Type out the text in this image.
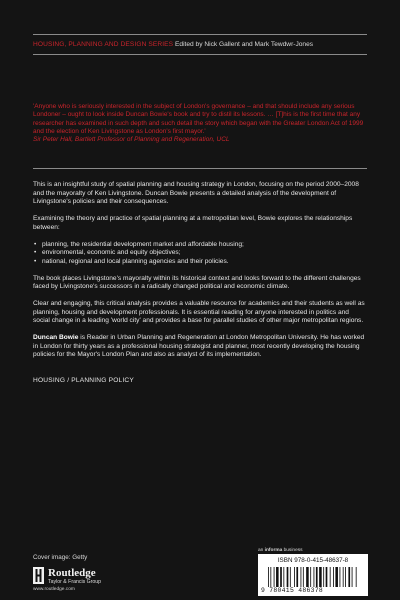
HOUSING, PLANNING AND DESIGN SERIES Edited by Nick Gallent and Mark Tewdwr-Jones

'Anyone who is seriously interested in the subject of London's governance – and that should include any serious Londoner – ought to look inside Duncan Bowie's book and try to distil its lessons. … [T]his is the first time that any researcher has examined in such depth and such detail the story which began with the Greater London Act of 1999 and the election of Ken Livingstone as London's first mayor.'

Sir Peter Hall, Bartlett Professor of Planning and Regeneration, UCL

This is an insightful study of spatial planning and housing strategy in London, focusing on the period 2000–2008 and the mayoralty of Ken Livingstone. Duncan Bowie presents a detailed analysis of the development of Livingstone's policies and their consequences.

Examining the theory and practice of spatial planning at a metropolitan level, Bowie explores the relationships between:

• planning, the residential development market and affordable housing;
• environmental, economic and equity objectives;
• national, regional and local planning agencies and their policies.

The book places Livingstone's mayoralty within its historical context and looks forward to the different challenges faced by Livingstone's successors in a radically changed political and economic climate.

Clear and engaging, this critical analysis provides a valuable resource for academics and their students as well as planning, housing and development professionals. It is essential reading for anyone interested in politics and social change in a leading 'world city' and provides a base for parallel studies of other major metropolitan regions.

Duncan Bowie is Reader in Urban Planning and Regeneration at London Metropolitan University. He has worked in London for thirty years as a professional housing strategist and planner, most recently developing the housing policies for the Mayor's London Plan and also as analyst of its implementation.

HOUSING / PLANNING POLICY
Cover image: Getty
Routledge
Taylor & Francis Group
www.routledge.com
an informa business
ISBN 978-0-415-48637-8
9 780415 486378
